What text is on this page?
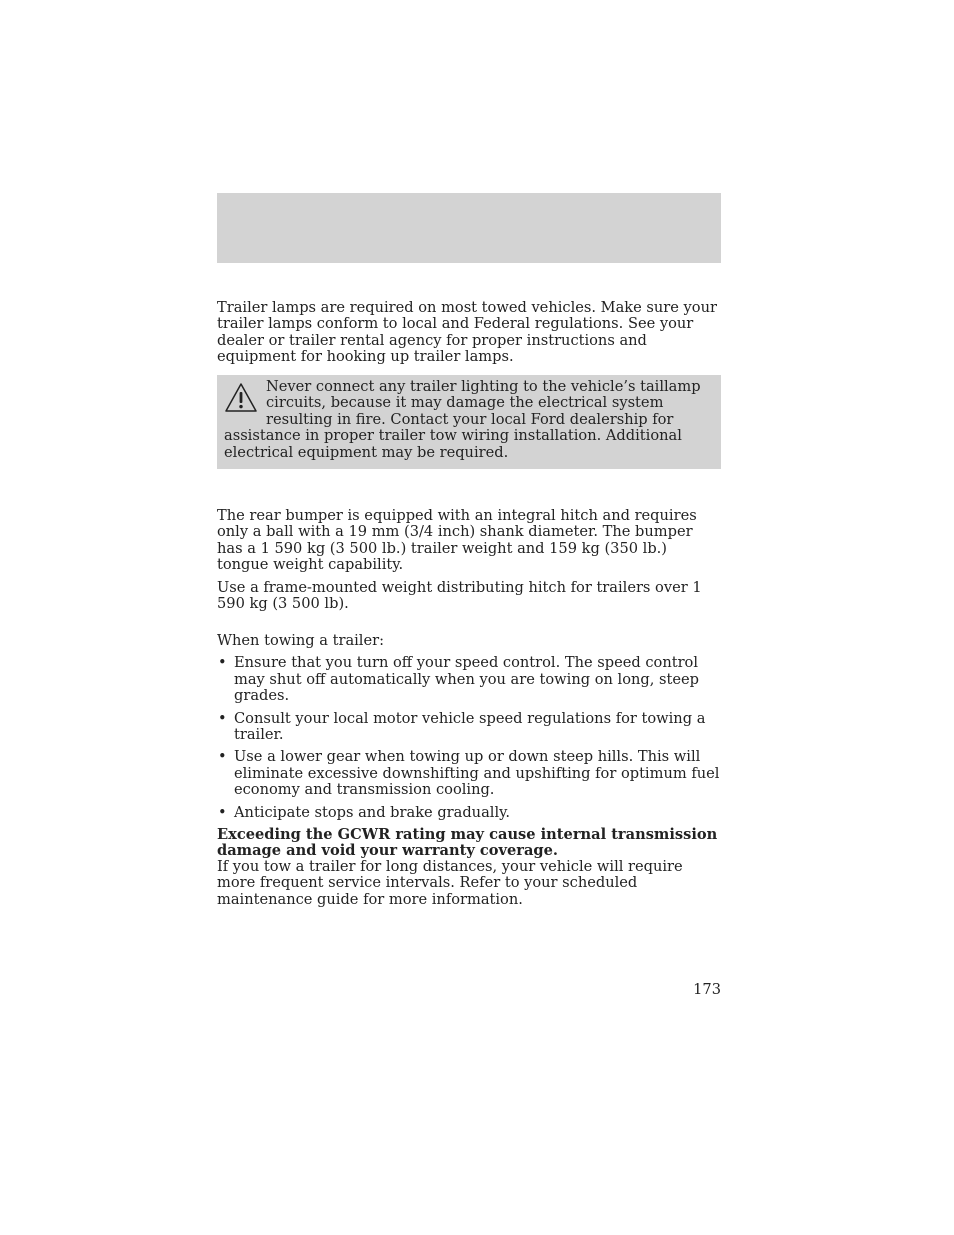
Trailer lamps are required on most towed vehicles. Make sure your trailer lamps conform to local and Federal regulations. See your dealer or trailer rental agency for proper instructions and equipment for hooking up trailer lamps.

Never connect any trailer lighting to the vehicle’s taillamp circuits, because it may damage the electrical system resulting in fire. Contact your local Ford dealership for assistance in proper trailer tow wiring installation. Additional electrical equipment may be required.

The rear bumper is equipped with an integral hitch and requires only a ball with a 19 mm (3/4 inch) shank diameter. The bumper has a 1 590 kg (3 500 lb.) trailer weight and 159 kg (350 lb.) tongue weight capability.

Use a frame-mounted weight distributing hitch for trailers over 1 590 kg (3 500 lb).

When towing a trailer:

• Ensure that you turn off your speed control. The speed control may shut off automatically when you are towing on long, steep grades.
• Consult your local motor vehicle speed regulations for towing a trailer.
• Use a lower gear when towing up or down steep hills. This will eliminate excessive downshifting and upshifting for optimum fuel economy and transmission cooling.
• Anticipate stops and brake gradually.

Exceeding the GCWR rating may cause internal transmission damage and void your warranty coverage.

If you tow a trailer for long distances, your vehicle will require more frequent service intervals. Refer to your scheduled maintenance guide for more information.

173
